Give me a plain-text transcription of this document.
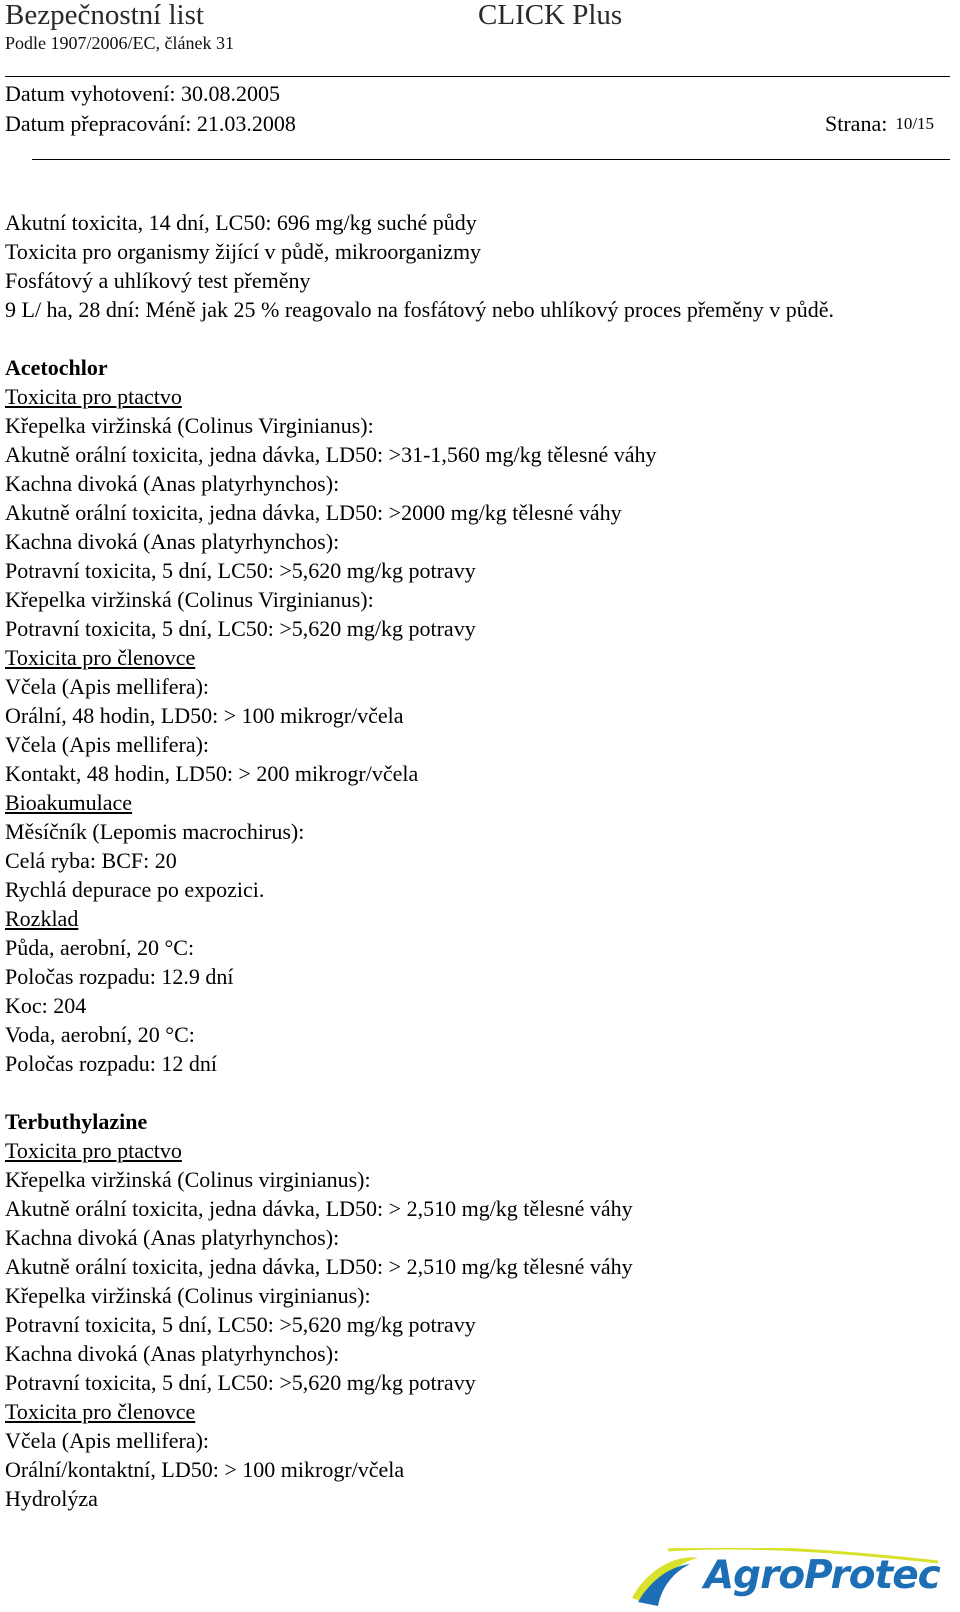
Bezpečnostní list	CLICK Plus
Podle 1907/2006/EC, článek 31
Datum vyhotovení: 30.08.2005
Datum přepracování: 21.03.2008	Strana: 10/15
Akutní toxicita, 14 dní, LC50: 696 mg/kg suché půdy
Toxicita pro organismy žijící v půdě, mikroorganizmy
Fosfátový a uhlíkový test přeměny
9 L/ ha, 28 dní: Méně jak 25 % reagovalo na fosfátový nebo uhlíkový proces přeměny v půdě.
Acetochlor
Toxicita pro ptactvo
Křepelka viržinská (Colinus Virginianus):
Akutně orální toxicita, jedna dávka, LD50: >31-1,560 mg/kg tělesné váhy
Kachna divoká (Anas platyrhynchos):
Akutně orální toxicita, jedna dávka, LD50: >2000 mg/kg tělesné váhy
Kachna divoká (Anas platyrhynchos):
Potravní toxicita, 5 dní, LC50: >5,620 mg/kg potravy
Křepelka viržinská (Colinus Virginianus):
Potravní toxicita, 5 dní, LC50: >5,620 mg/kg potravy
Toxicita pro členovce
Včela (Apis mellifera):
Orální, 48 hodin, LD50: > 100 mikrogr/včela
Včela (Apis mellifera):
Kontakt, 48 hodin, LD50: > 200 mikrogr/včela
Bioakumulace
Měsíčník (Lepomis macrochirus):
Celá ryba: BCF: 20
Rychlá depurace po expozici.
Rozklad
Půda, aerobní, 20 °C:
Poločas rozpadu: 12.9 dní
Koc: 204
Voda, aerobní, 20 °C:
Poločas rozpadu: 12 dní
Terbuthylazine
Toxicita pro ptactvo
Křepelka viržinská (Colinus virginianus):
Akutně orální toxicita, jedna dávka, LD50: > 2,510 mg/kg tělesné váhy
Kachna divoká (Anas platyrhynchos):
Akutně orální toxicita, jedna dávka, LD50: > 2,510 mg/kg tělesné váhy
Křepelka viržinská (Colinus virginianus):
Potravní toxicita, 5 dní, LC50: >5,620 mg/kg potravy
Kachna divoká (Anas platyrhynchos):
Potravní toxicita, 5 dní, LC50: >5,620 mg/kg potravy
Toxicita pro členovce
Včela (Apis mellifera):
Orální/kontaktní, LD50: > 100 mikrogr/včela
Hydrolýza
AgroProtec
